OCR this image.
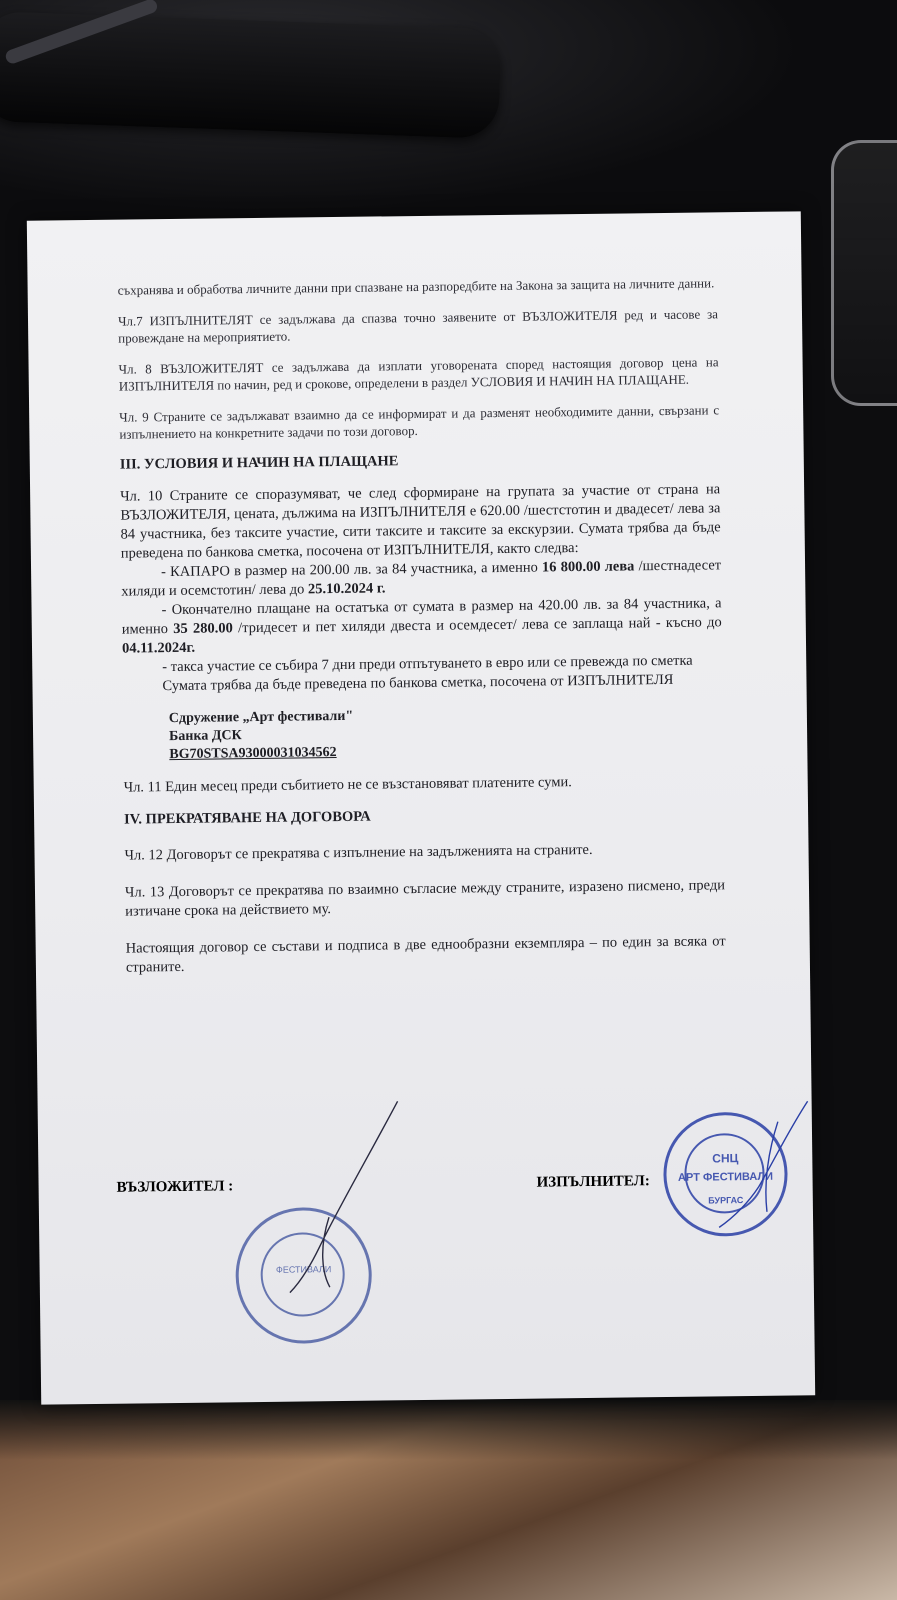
съхранява и обработва личните данни при спазване на разпоредбите на Закона за защита на личните данни.

Чл.7 ИЗПЪЛНИТЕЛЯТ се задължава да спазва точно заявените от ВЪЗЛОЖИТЕЛЯ ред и часове за провеждане на мероприятието.

Чл. 8 ВЪЗЛОЖИТЕЛЯТ се задължава да изплати уговорената според настоящия договор цена на ИЗПЪЛНИТЕЛЯ по начин, ред и срокове, определени в раздел УСЛОВИЯ И НАЧИН НА ПЛАЩАНЕ.

Чл. 9 Страните се задължават взаимно да се информират и да разменят необходимите данни, свързани с изпълнението на конкретните задачи по този договор.

III. УСЛОВИЯ И НАЧИН НА ПЛАЩАНЕ

Чл. 10 Страните се споразумяват, че след сформиране на групата за участие от страна на ВЪЗЛОЖИТЕЛЯ, цената, дължима на ИЗПЪЛНИТЕЛЯ е 620.00 /шестстотин и двадесет/ лева за 84 участника, без таксите участие, сити таксите и таксите за екскурзии. Сумата трябва да бъде преведена по банкова сметка, посочена от ИЗПЪЛНИТЕЛЯ, както следва:

- КАПАРО в размер на 200.00 лв. за 84 участника, а именно 16 800.00 лева /шестнадесет хиляди и осемстотин/ лева до 25.10.2024 г.

- Окончателно плащане на остатъка от сумата в размер на 420.00 лв. за 84 участника, а именно 35 280.00 /тридесет и пет хиляди двеста и осемдесет/ лева се заплаща най - късно до 04.11.2024г.

- такса участие се събира 7 дни преди отпътуването в евро или се превежда по сметка

Сумата трябва да бъде преведена по банкова сметка, посочена от ИЗПЪЛНИТЕЛЯ

Сдружение „Арт фестивали"
Банка ДСК
BG70STSA93000031034562

Чл. 11 Един месец преди събитието не се възстановяват платените суми.

IV. ПРЕКРАТЯВАНЕ НА ДОГОВОРА

Чл. 12 Договорът се прекратява с изпълнение на задълженията на страните.

Чл. 13 Договорът се прекратява по взаимно съгласие между страните, изразено писмено, преди изтичане срока на действието му.

Настоящия договор се състави и подписа в две еднообразни екземпляра – по един за всяка от страните.

ВЪЗЛОЖИТЕЛ :	ИЗПЪЛНИТЕЛ:
ФЕСТИВАЛИ
СНЦ
АРТ ФЕСТИВАЛИ
БУРГАС
